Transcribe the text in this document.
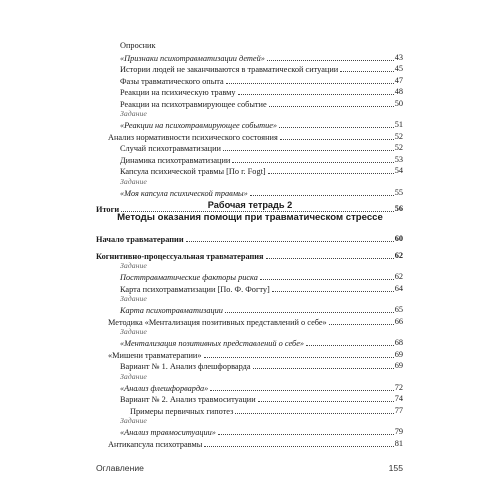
Опросник
«Признаки психотравматизации детей»	43
Истории людей не заканчиваются в травматической ситуации	45
Фазы травматического опыта	47
Реакции на психическую травму	48
Реакции на психотравмирующее событие	50
Задание
«Реакции на психотравмирующее событие»	51
Анализ нормативности психического состояния	52
Случай психотравматизации	52
Динамика психотравматизации	53
Капсула психической травмы [По г. Fogt]	54
Задание
«Моя капсула психической травмы»	55
Итоги	56
Рабочая тетрадь 2
Методы оказания помощи при травматическом стрессе
Начало травматерапии	60
Когнитивно-процессуальная травматерапия	62
Задание
Посттравматические факторы риска	62
Карта психотравматизации [По. Ф. Фогту]	64
Задание
Карта психотравматизации	65
Методика «Ментализация позитивных представлений о себе»	66
Задание
«Ментализация позитивных представлений о себе»	68
«Мишени травматерапии»	69
Вариант № 1. Анализ флешфорварда	69
Задание
«Анализ флешфорварда»	72
Вариант № 2. Анализ травмоситуации	74
Примеры первичных гипотез	77
Задание
«Анализ травмоситуации»	79
Антикапсула психотравмы	81
Оглавление	155
